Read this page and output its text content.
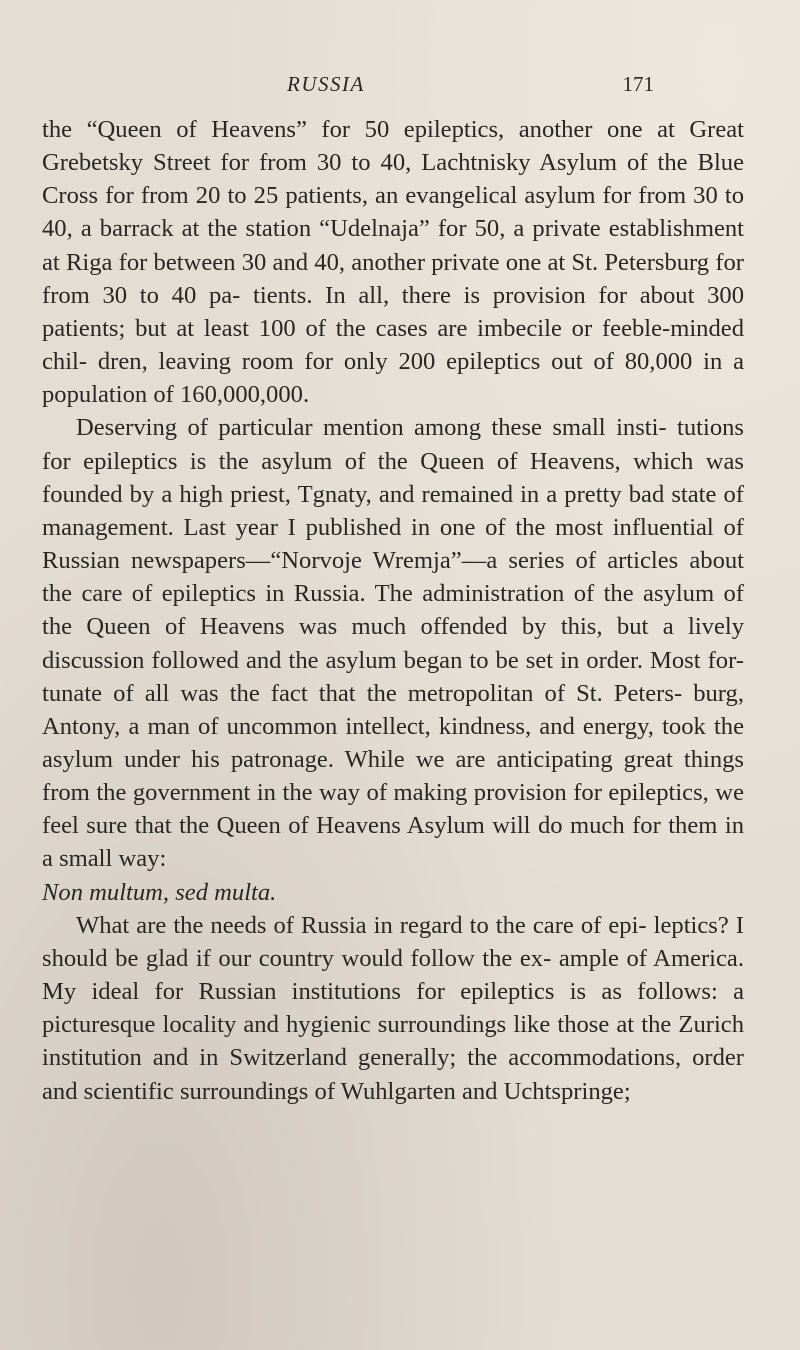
RUSSIA	171

the “Queen of Heavens” for 50 epileptics, another one at Great Grebetsky Street for from 30 to 40, Lachtnisky Asylum of the Blue Cross for from 20 to 25 patients, an evangelical asylum for from 30 to 40, a barrack at the station “Udelnaja” for 50, a private establishment at Riga for between 30 and 40, another private one at St. Petersburg for from 30 to 40 pa- tients. In all, there is provision for about 300 patients; but at least 100 of the cases are imbecile or feeble-minded chil- dren, leaving room for only 200 epileptics out of 80,000 in a population of 160,000,000.

Deserving of particular mention among these small insti- tutions for epileptics is the asylum of the Queen of Heavens, which was founded by a high priest, Tgnaty, and remained in a pretty bad state of management. Last year I published in one of the most influential of Russian newspapers—“Norvoje Wremja”—a series of articles about the care of epileptics in Russia. The administration of the asylum of the Queen of Heavens was much offended by this, but a lively discussion followed and the asylum began to be set in order. Most for- tunate of all was the fact that the metropolitan of St. Peters- burg, Antony, a man of uncommon intellect, kindness, and energy, took the asylum under his patronage. While we are anticipating great things from the government in the way of making provision for epileptics, we feel sure that the Queen of Heavens Asylum will do much for them in a small way:
Non multum, sed multa.

What are the needs of Russia in regard to the care of epi- leptics? I should be glad if our country would follow the ex- ample of America. My ideal for Russian institutions for epileptics is as follows: a picturesque locality and hygienic surroundings like those at the Zurich institution and in Switzerland generally; the accommodations, order and scientific surroundings of Wuhlgarten and Uchtspringe;
